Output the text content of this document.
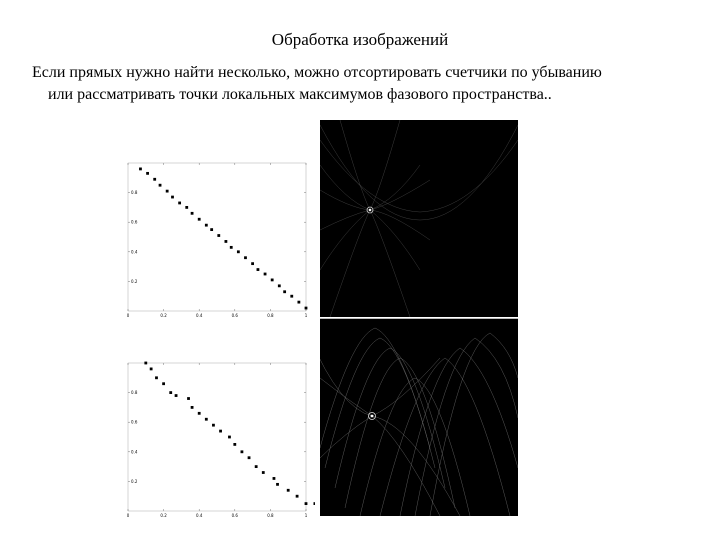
Обработка изображений
Если прямых нужно найти несколько, можно отсортировать счетчики по убыванию
или рассматривать точки локальных максимумов фазового пространства..
0	0.2	0.4	0.6	0.8	1
0.2
0.4
0.6
0.8
0	0.2	0.4	0.6	0.8	1
0.2
0.4
0.6
0.8
